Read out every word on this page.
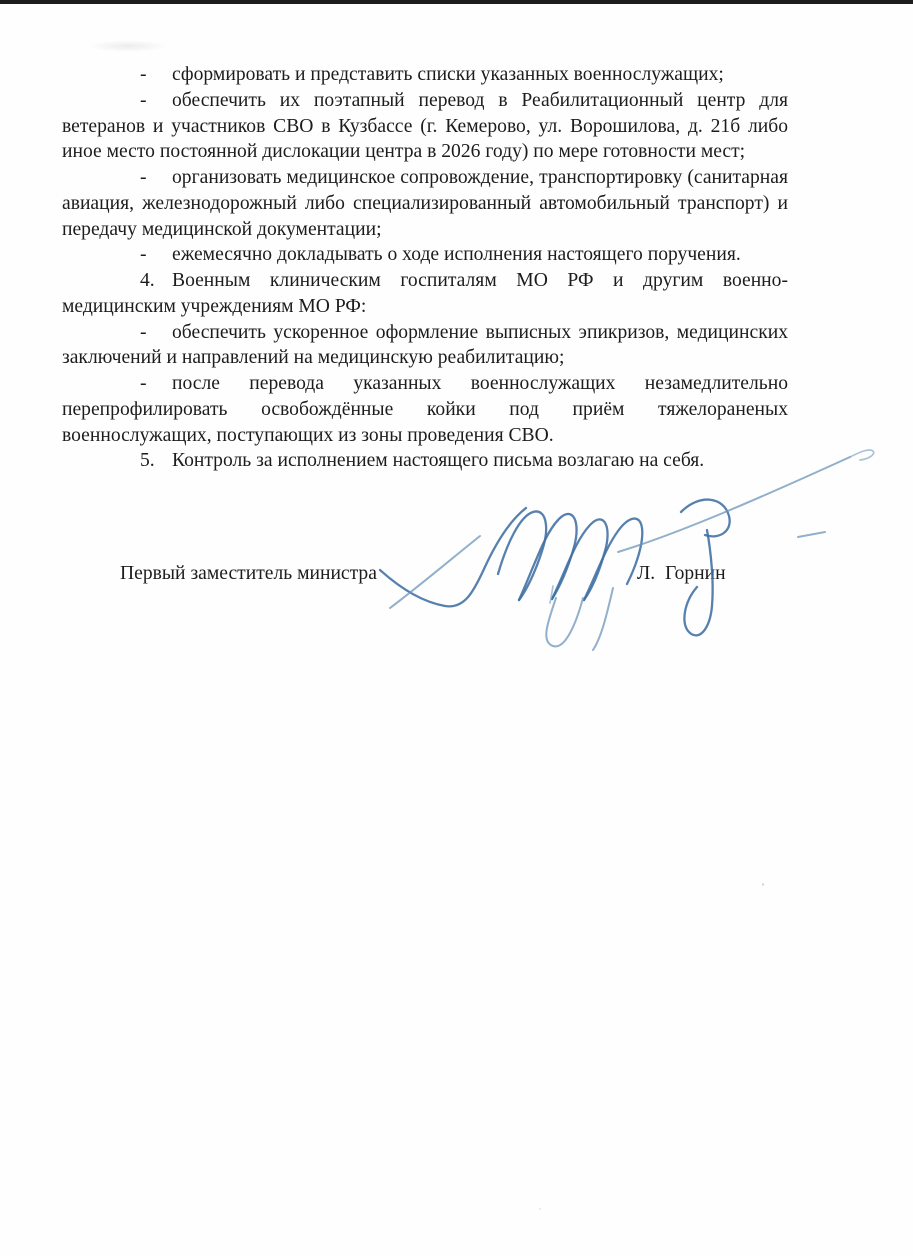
- сформировать и представить списки указанных военнослужащих;

- обеспечить их поэтапный перевод в Реабилитационный центр для ветеранов и участников СВО в Кузбассе (г. Кемерово, ул. Ворошилова, д. 21б либо иное место постоянной дислокации центра в 2026 году) по мере готовности мест;

- организовать медицинское сопровождение, транспортировку (санитарная авиация, железнодорожный либо специализированный автомобильный транспорт) и передачу медицинской документации;

- ежемесячно докладывать о ходе исполнения настоящего поручения.

4. Военным клиническим госпиталям МО РФ и другим военно-медицинским учреждениям МО РФ:

- обеспечить ускоренное оформление выписных эпикризов, медицинских заключений и направлений на медицинскую реабилитацию;

- после перевода указанных военнослужащих незамедлительно перепрофилировать освобождённые койки под приём тяжелораненых военнослужащих, поступающих из зоны проведения СВО.

5. Контроль за исполнением настоящего письма возлагаю на себя.

Первый заместитель министра	Л.  Горнин
